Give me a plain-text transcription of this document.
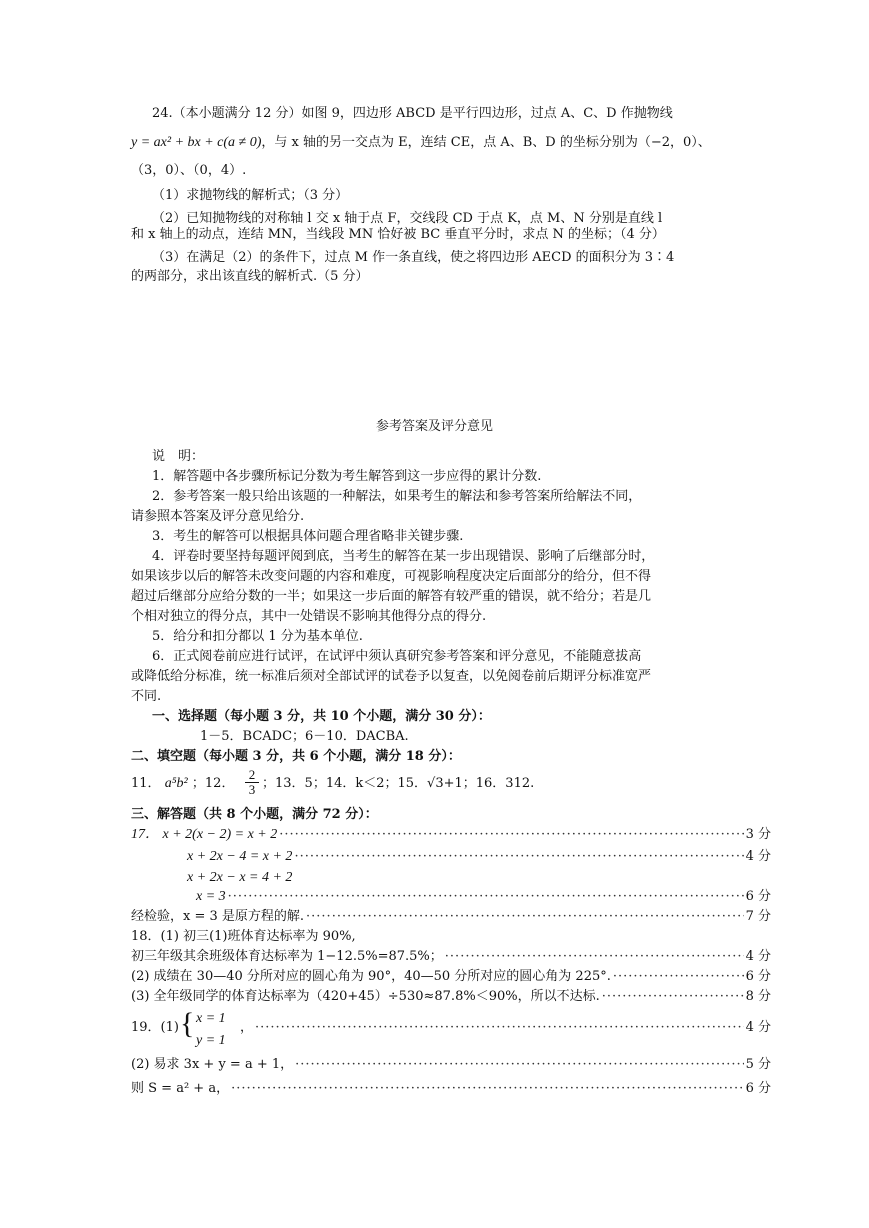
24.（本小题满分 12 分）如图 9，四边形 ABCD 是平行四边形，过点 A、C、D 作抛物线
y = ax² + bx + c(a ≠ 0)，与 x 轴的另一交点为 E，连结 CE，点 A、B、D 的坐标分别为（−2，0）、
（3，0）、（0，4）.
（1）求抛物线的解析式；（3 分）
（2）已知抛物线的对称轴 l 交 x 轴于点 F，交线段 CD 于点 K，点 M、N 分别是直线 l
和 x 轴上的动点，连结 MN，当线段 MN 恰好被 BC 垂直平分时，求点 N 的坐标；（4 分）
（3）在满足（2）的条件下，过点 M 作一条直线，使之将四边形 AECD 的面积分为 3∶4
的两部分，求出该直线的解析式.（5 分）
参考答案及评分意见
说　明：
1．解答题中各步骤所标记分数为考生解答到这一步应得的累计分数.
2．参考答案一般只给出该题的一种解法，如果考生的解法和参考答案所给解法不同，
请参照本答案及评分意见给分.
3．考生的解答可以根据具体问题合理省略非关键步骤.
4．评卷时要坚持每题评阅到底，当考生的解答在某一步出现错误、影响了后继部分时，
如果该步以后的解答未改变问题的内容和难度，可视影响程度决定后面部分的给分，但不得
超过后继部分应给分数的一半；如果这一步后面的解答有较严重的错误，就不给分；若是几
个相对独立的得分点，其中一处错误不影响其他得分点的得分.
5．给分和扣分都以 1 分为基本单位.
6．正式阅卷前应进行试评，在试评中须认真研究参考答案和评分意见，不能随意拔高
或降低给分标准，统一标准后须对全部试评的试卷予以复查，以免阅卷前后期评分标准宽严
不同.
一、选择题（每小题 3 分，共 10 个小题，满分 30 分）：
1－5．BCADC；6－10．DACBA.
二、填空题（每小题 3 分，共 6 个小题，满分 18 分）：
11． a⁵b² ；12． $\frac{2}{3}$ ；13．5；14．k＜2；15．√3+1；16．312.
三、解答题（共 8 个小题，满分 72 分）：
17． x + 2(x − 2) = x + 2 ·····	3 分
x + 2x − 4 = x + 2 ·····	4 分
x + 2x − x = 4 + 2
x = 3 ·····	6 分
经检验，x = 3 是原方程的解. ·····	7 分
18．(1) 初三(1)班体育达标率为 90%,
初三年级其余班级体育达标率为 1−12.5%=87.5%； ·····	4 分
(2) 成绩在 30—40 分所对应的圆心角为 90°，40—50 分所对应的圆心角为 225°. ·····	6 分
(3) 全年级同学的体育达标率为（420+45）÷530≈87.8%＜90%，所以不达标. ·····	8 分
19．(1) { x = 1
y = 1
， ·····	4 分
(2) 易求 3x + y = a + 1， ·····	5 分
则 S = a² + a， ·····	6 分
